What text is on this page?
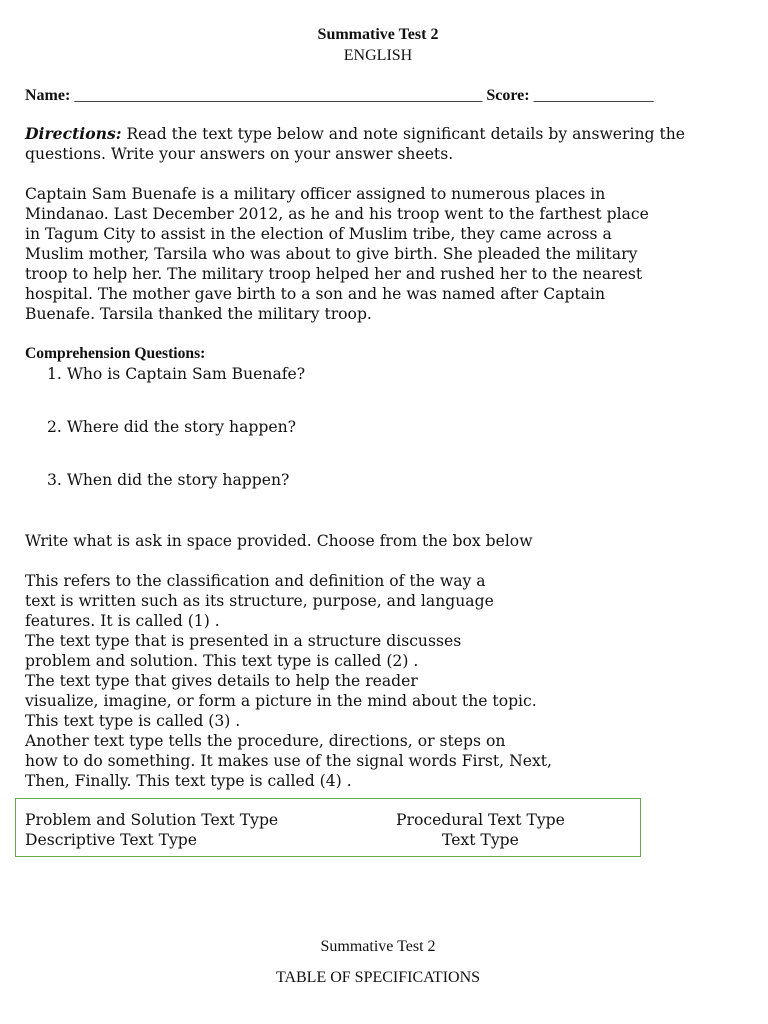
Summative Test 2
ENGLISH
Name: ___________________________________________________ Score: _______________
Directions: Read the text type below and note significant details by answering the
questions. Write your answers on your answer sheets.
Captain Sam Buenafe is a military officer assigned to numerous places in
Mindanao. Last December 2012, as he and his troop went to the farthest place
in Tagum City to assist in the election of Muslim tribe, they came across a
Muslim mother, Tarsila who was about to give birth. She pleaded the military
troop to help her. The military troop helped her and rushed her to the nearest
hospital. The mother gave birth to a son and he was named after Captain
Buenafe. Tarsila thanked the military troop.
Comprehension Questions:
1. Who is Captain Sam Buenafe?
2. Where did the story happen?
3. When did the story happen?
Write what is ask in space provided. Choose from the box below
This refers to the classification and definition of the way a
text is written such as its structure, purpose, and language
features. It is called (1) .
The text type that is presented in a structure discusses
problem and solution. This text type is called (2) .
The text type that gives details to help the reader
visualize, imagine, or form a picture in the mind about the topic.
This text type is called (3) .
Another text type tells the procedure, directions, or steps on
how to do something. It makes use of the signal words First, Next,
Then, Finally. This text type is called (4) .
Problem and Solution Text Type	Procedural Text Type
Descriptive Text Type	Text Type
Summative Test 2
TABLE OF SPECIFICATIONS
